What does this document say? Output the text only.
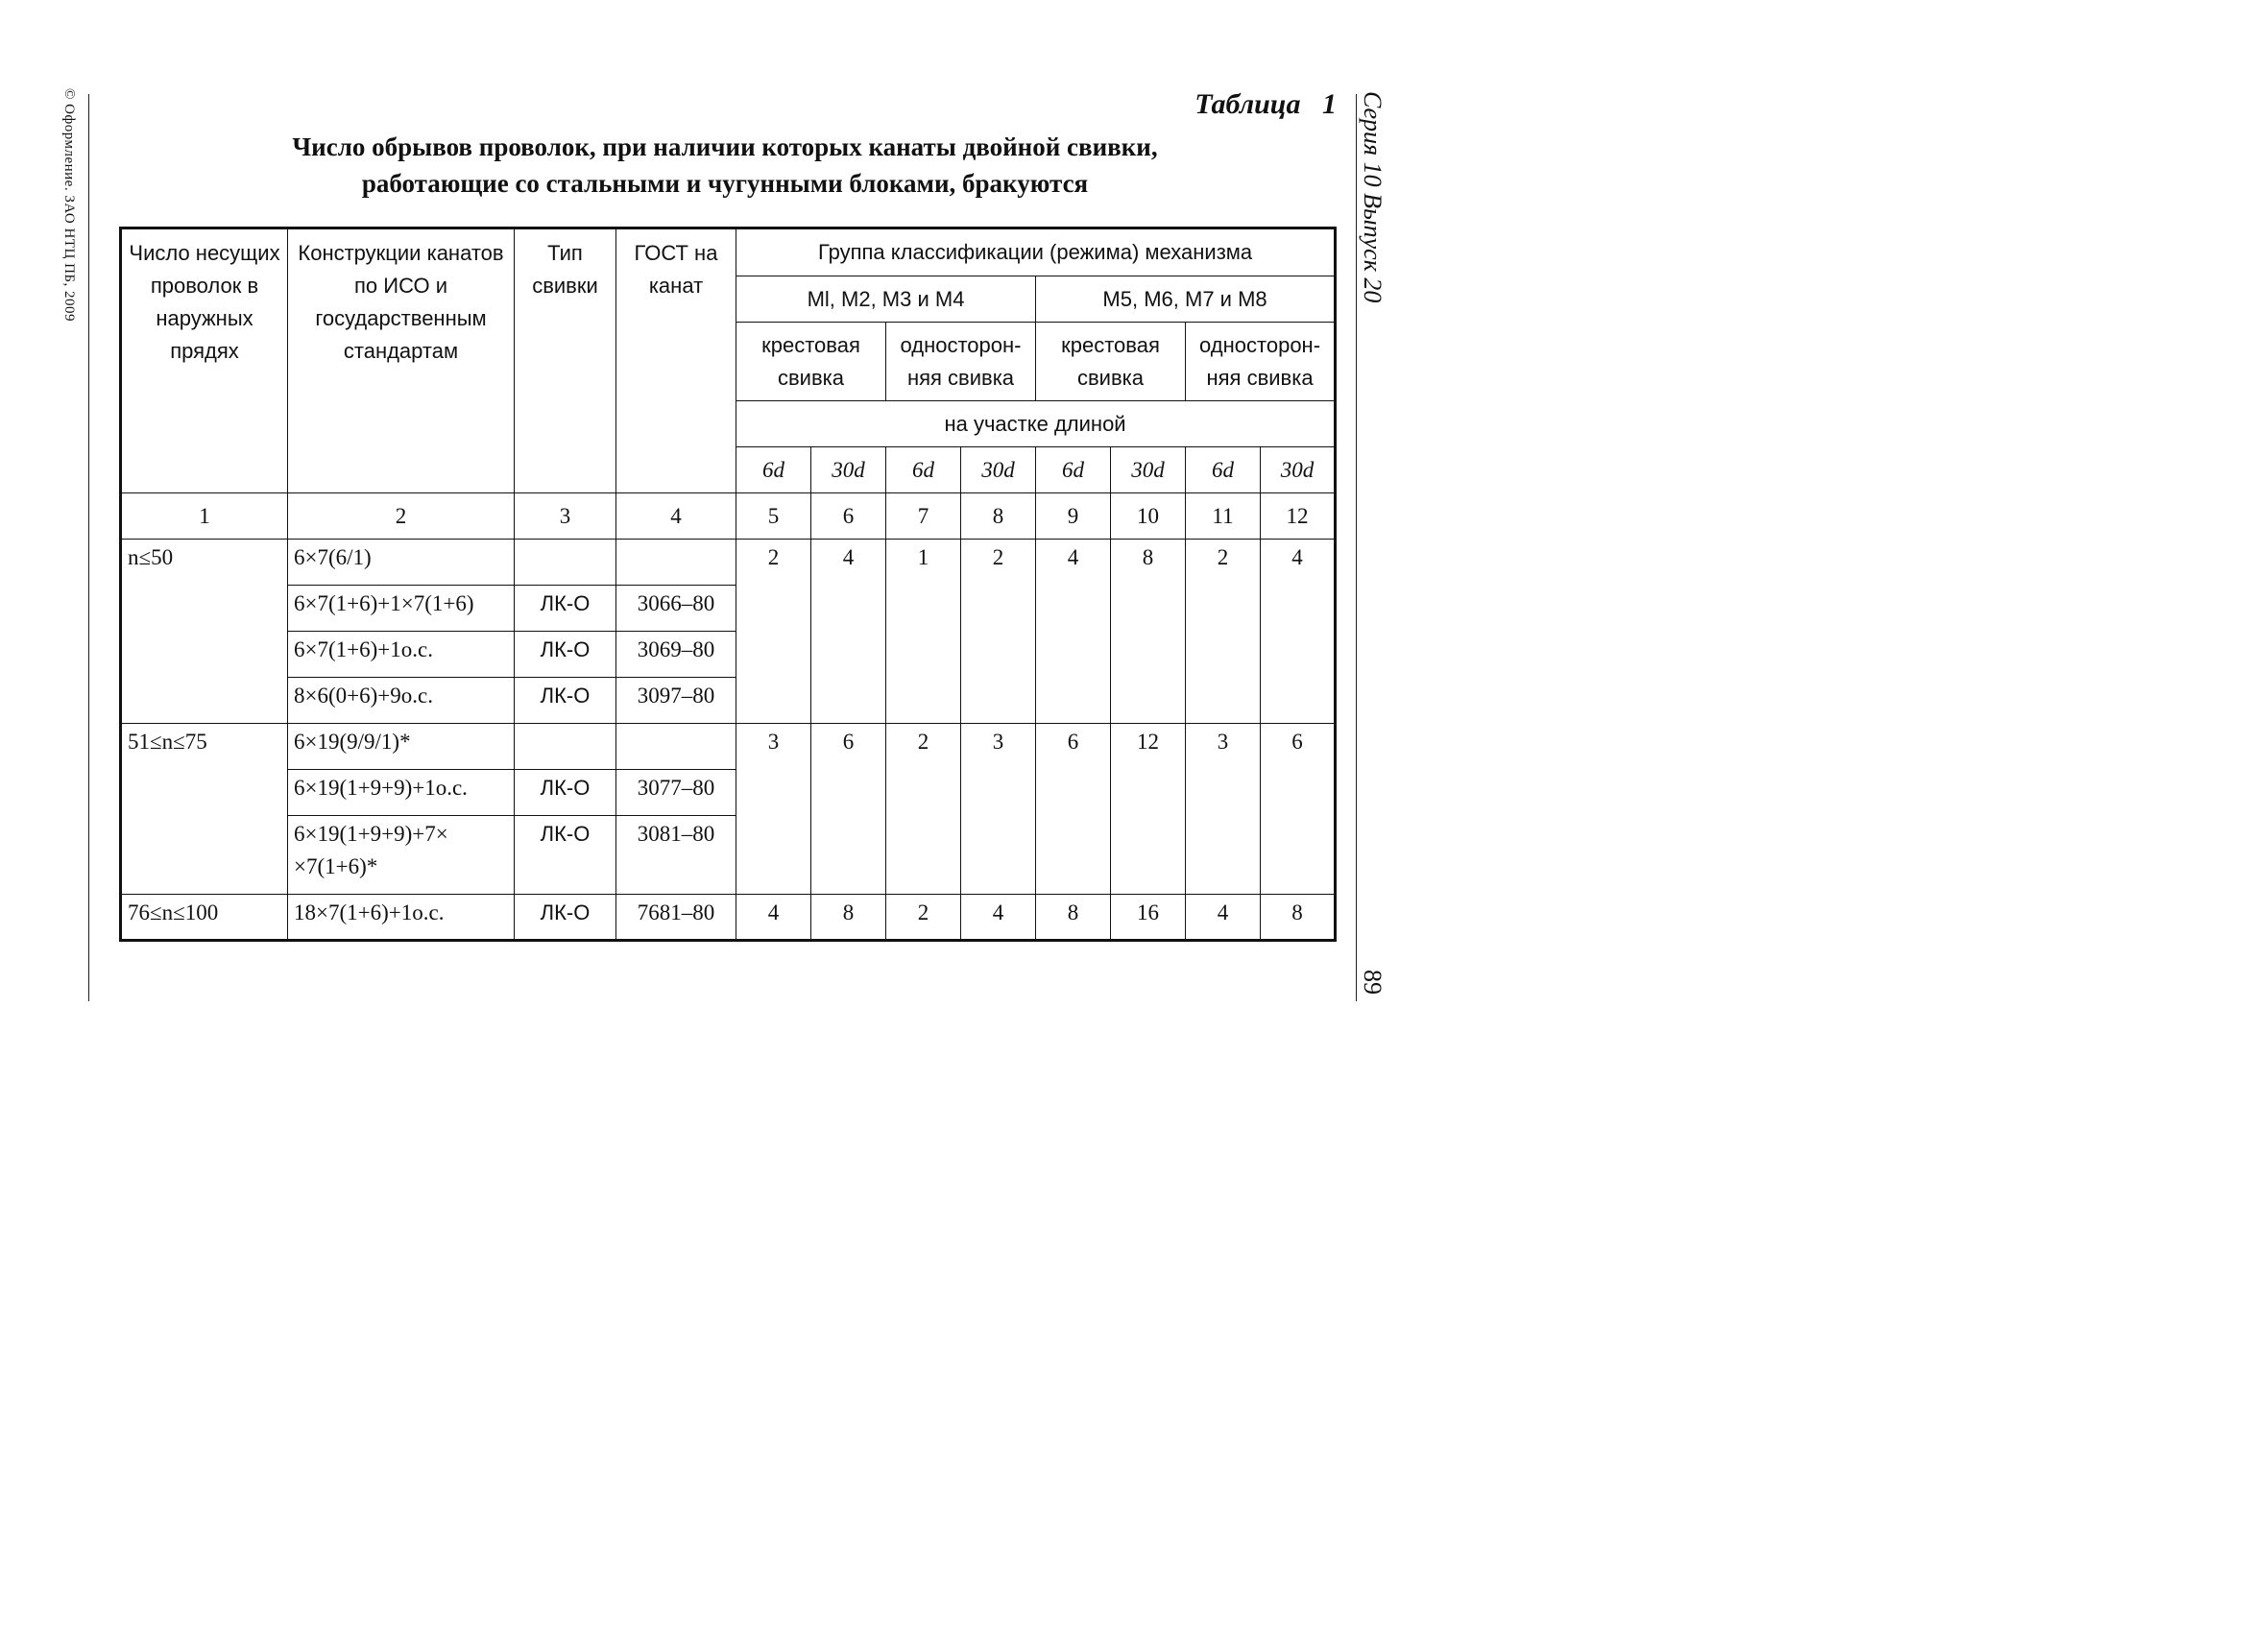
© Оформление. ЗАО НТЦ ПБ, 2009	Серия 10 Выпуск 20
89
Таблица   1
Число обрывов проволок, при наличии которых канаты двойной свивки,
работающие со стальными и чугунными блоками, бракуются
Число несущих проволок в наружных прядях	Конструкции канатов по ИСО и государственным стандартам	Тип свивки	ГОСТ на канат	Группа классификации (режима) механизма							
				Ml, M2, M3 и M4				M5, M6, M7 и M8			
				крестовая свивка		односторон-няя свивка		крестовая свивка		односторон-няя свивка	
				на участке длиной							
				6d	30d	6d	30d	6d	30d	6d	30d
1	2	3	4	5	6	7	8	9	10	11	12
n≤50	6×7(6/1)			2	4	1	2	4	8	2	4
	6×7(1+6)+1×7(1+6)	ЛК-О	3066–80								
	6×7(1+6)+1о.с.	ЛК-О	3069–80								
	8×6(0+6)+9о.с.	ЛК-О	3097–80								
51≤n≤75	6×19(9/9/1)*			3	6	2	3	6	12	3	6
	6×19(1+9+9)+1о.с.	ЛК-О	3077–80								
	6×19(1+9+9)+7× ×7(1+6)*	ЛК-О	3081–80								
76≤n≤100	18×7(1+6)+1о.с.	ЛК-О	7681–80	4	8	2	4	8	16	4	8
